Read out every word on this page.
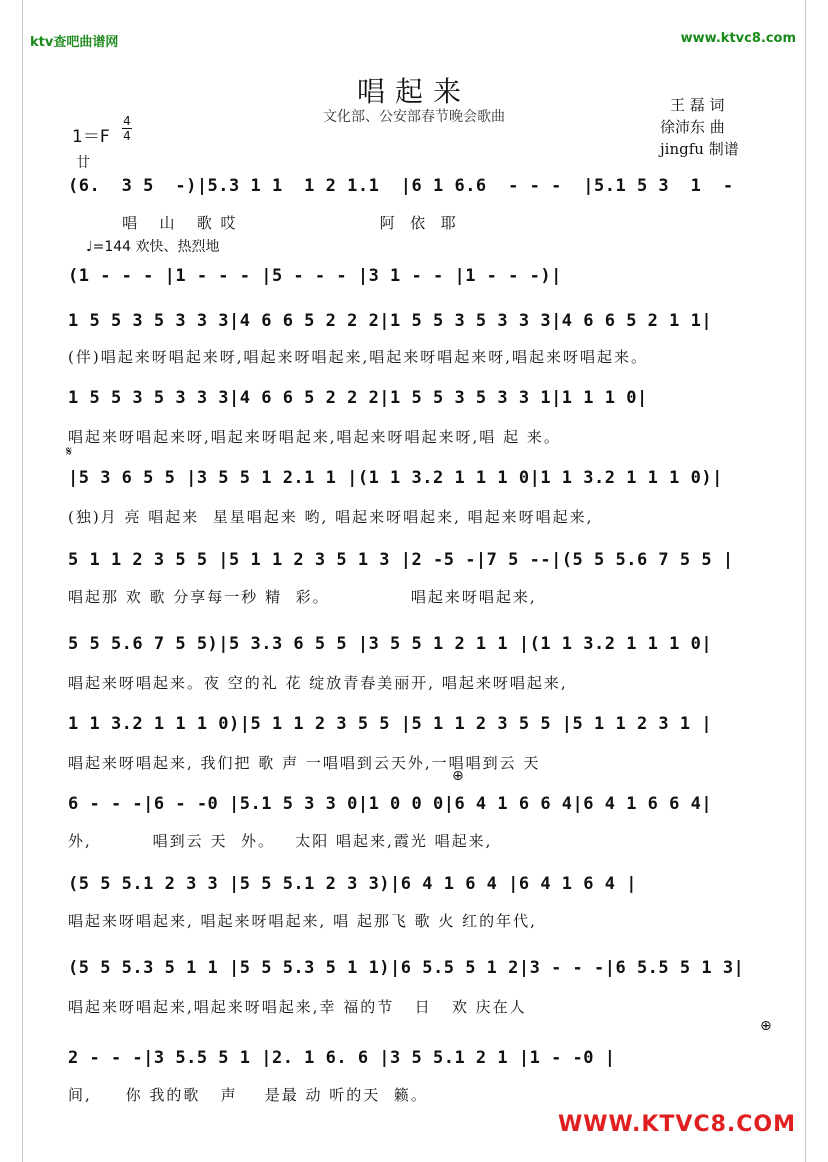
ktv查吧曲谱网	www.ktvc8.com
唱起来
文化部、公安部春节晚会歌曲
王 磊 词
徐沛东 曲
jingfu 制谱
1＝F
4
4
廿
♩=144 欢快、热烈地
(6.  3 5  -)|5.3 1 1  1 2 1.1  |6 1 6.6  - - -  |5.1 5 3  1  -
唱   山   歌 哎                     阿  依  耶
(1 - - - |1 - - - |5 - - - |3 1 - - |1 - - -)|
1 5 5 3 5 3 3 3|4 6 6 5 2 2 2|1 5 5 3 5 3 3 3|4 6 6 5 2 1 1|
(伴)唱起来呀唱起来呀,唱起来呀唱起来,唱起来呀唱起来呀,唱起来呀唱起来。
1 5 5 3 5 3 3 3|4 6 6 5 2 2 2|1 5 5 3 5 3 3 1|1 1 1 0|
唱起来呀唱起来呀,唱起来呀唱起来,唱起来呀唱起来呀,唱 起 来。
𝄋
|5 3 6 5 5 |3 5 5 1 2.1 1 |(1 1 3.2 1 1 1 0|1 1 3.2 1 1 1 0)|
(独)月 亮 唱起来  星星唱起来 哟, 唱起来呀唱起来, 唱起来呀唱起来,
5 1 1 2 3 5 5 |5 1 1 2 3 5 1 3 |2 -5 -|7 5 --|(5 5 5.6 7 5 5 |
唱起那 欢 歌 分享每一秒 精  彩。            唱起来呀唱起来,
5 5 5.6 7 5 5)|5 3.3 6 5 5 |3 5 5 1 2 1 1 |(1 1 3.2 1 1 1 0|
唱起来呀唱起来。夜 空的礼 花 绽放青春美丽开, 唱起来呀唱起来,
1 1 3.2 1 1 1 0)|5 1 1 2 3 5 5 |5 1 1 2 3 5 5 |5 1 1 2 3 1 |
唱起来呀唱起来, 我们把 歌 声 一唱唱到云天外,一唱唱到云 天
⊕
6 - - -|6 - -0 |5.1 5 3 3 0|1 0 0 0|6 4 1 6 6 4|6 4 1 6 6 4|
外,         唱到云 天  外。   太阳 唱起来,霞光 唱起来,
(5 5 5.1 2 3 3 |5 5 5.1 2 3 3)|6 4 1 6 4 |6 4 1 6 4 |
唱起来呀唱起来, 唱起来呀唱起来, 唱 起那飞 歌 火 红的年代,
(5 5 5.3 5 1 1 |5 5 5.3 5 1 1)|6 5.5 5 1 2|3 - - -|6 5.5 5 1 3|
唱起来呀唱起来,唱起来呀唱起来,幸 福的节   日   欢 庆在人
⊕
2 - - -|3 5.5 5 1 |2. 1 6. 6 |3 5 5.1 2 1 |1 - -0 |
间,     你 我的歌   声    是最 动 听的天  籁。
WWW.KTVC8.COM
